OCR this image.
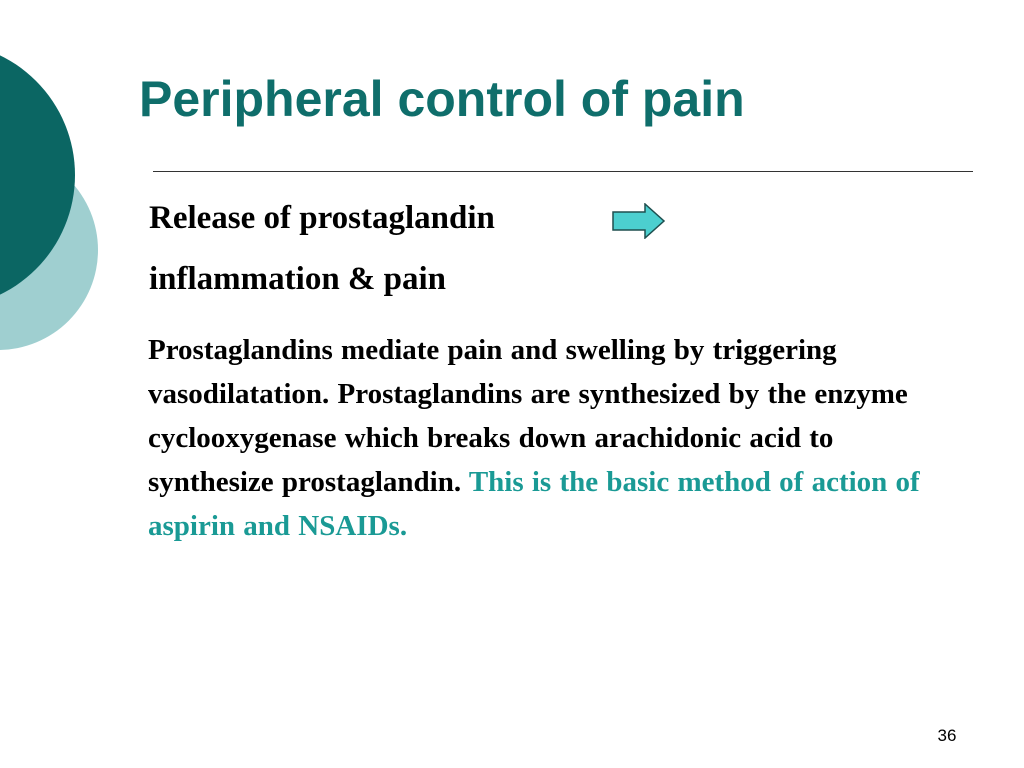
Peripheral control of pain
Release of prostaglandin
inflammation & pain

Prostaglandins mediate pain and swelling by triggering vasodilatation. Prostaglandins are synthesized by the enzyme cyclooxygenase which breaks down arachidonic acid to synthesize prostaglandin. This is the basic method of action of aspirin and NSAIDs.

36
